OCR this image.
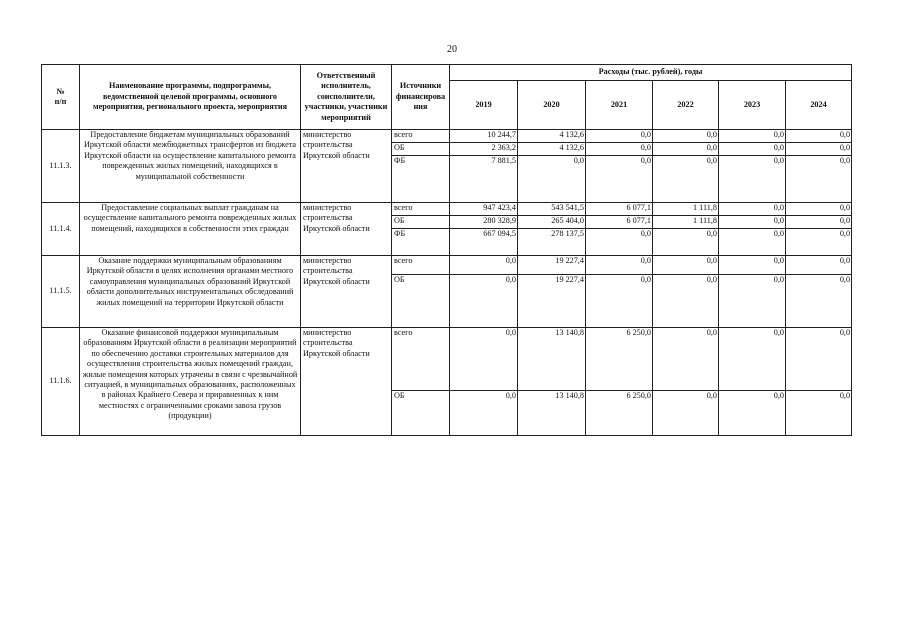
20
№
п/п	Наименование программы, подпрограммы, ведомственной целевой программы, основного мероприятия, регионального проекта, мероприятия	Ответственный исполнитель, соисполнители, участники, участники мероприятий	Источники финансирова ния	Расходы (тыс. рублей), годы					
				2019	2020	2021	2022	2023	2024
11.1.3.	Предоставление бюджетам муниципальных образований Иркутской области межбюджетных трансфертов из бюджета Иркутской области на осуществление капитального ремонта поврежденных жилых помещений, находящихся в муниципальной собственности	министерство строительства Иркутской области	всего	10 244,7	4 132,6	0,0	0,0	0,0	0,0
			ОБ	2 363,2	4 132,6	0,0	0,0	0,0	0,0
			ФБ	7 881,5	0,0	0,0	0,0	0,0	0,0

11.1.4.	Предоставление социальных выплат гражданам на осуществление капитального ремонта поврежденных жилых помещений, находящихся в собственности этих граждан	министерство строительства Иркутской области	всего	947 423,4	543 541,5	6 077,1	1 111,8	0,0	0,0
			ОБ	280 328,9	265 404,0	6 077,1	1 111,8	0,0	0,0
			ФБ	667 094,5	278 137,5	0,0	0,0	0,0	0,0

11.1.5.	Оказание поддержки муниципальным образованиям Иркутской области в целях исполнения органами местного самоуправления муниципальных образований Иркутской области дополнительных инструментальных обследований жилых помещений на территории Иркутской области	министерство строительства Иркутской области	всего	0,0	19 227,4	0,0	0,0	0,0	0,0

			ОБ	0,0	19 227,4	0,0	0,0	0,0	0,0

11.1.6.	Оказание финансовой поддержки муниципальным образованиям Иркутской области в реализации мероприятий по обеспечению доставки строительных материалов для осуществления строительства жилых помещений граждан, жилые помещения которых утрачены в связи с чрезвычайной ситуацией, в муниципальных образованиях, расположенных в районах Крайнего Севера и приравненных к ним местностях с ограниченными сроками завоза грузов (продукции)	министерство строительства Иркутской области	всего	0,0	13 140,8	6 250,0	0,0	0,0	0,0

			ОБ	0,0	13 140,8	6 250,0	0,0	0,0	0,0
